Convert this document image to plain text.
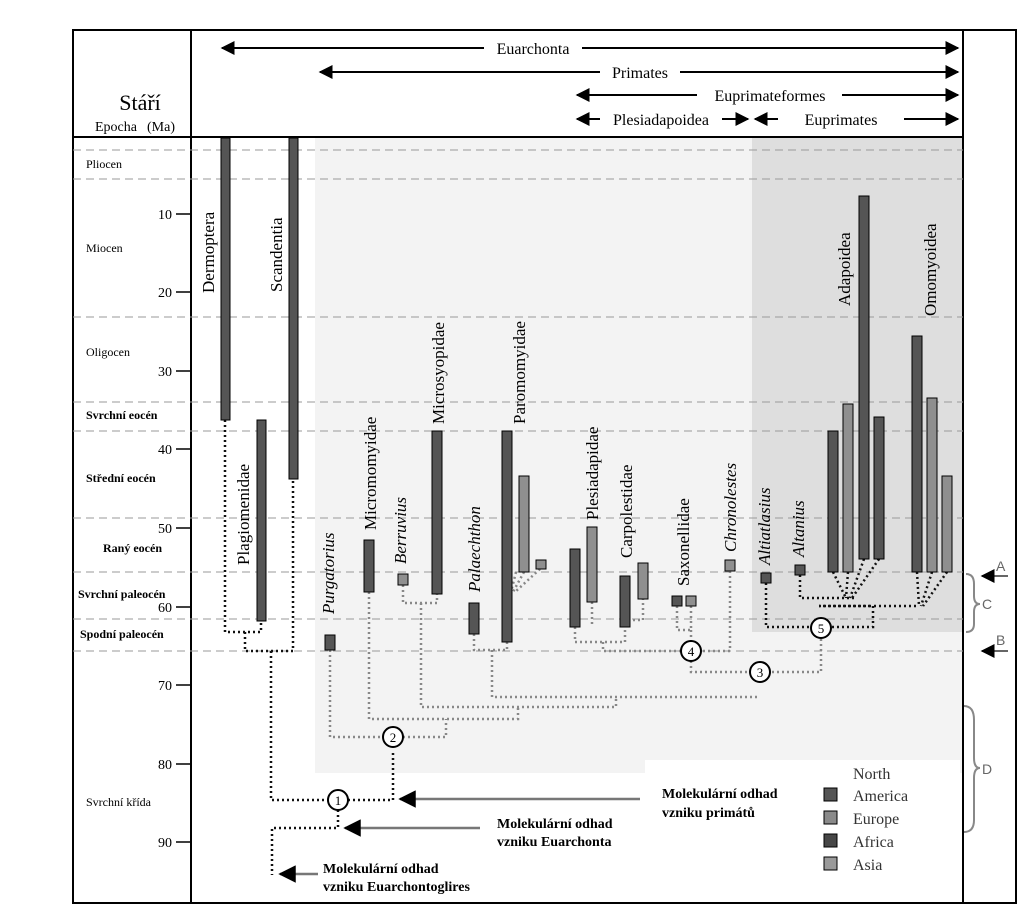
Stáří
Epocha (Ma)
Pliocen
Miocen
Oligocen
Svrchní eocén
Střední eocén
Raný eocén
Svrchní paleocén
Spodní paleocén
Svrchní křída
10
20
30
40
50
60
70
80
90
Euarchonta
Primates
Euprimateformes
Plesiadapoidea	Euprimates
Dermoptera	Scandentia
Plagiomenidae
Purgatorius
Micromomyidae
Berruvius
Microsyopidae
Palaechthon
Paromomyidae
Plesiadapidae Carpolestidae Saxonellidae Chronolestes Altiatlasius Altanius
Adapoidea	Omomyoidea
1
2
3
4
5
Molekulární odhad
vzniku primátů
Molekulární odhad
vzniku Euarchonta
Molekulární odhad
vzniku Euarchontoglires
North
America
Europe
Africa
Asia
A
B
C
D
